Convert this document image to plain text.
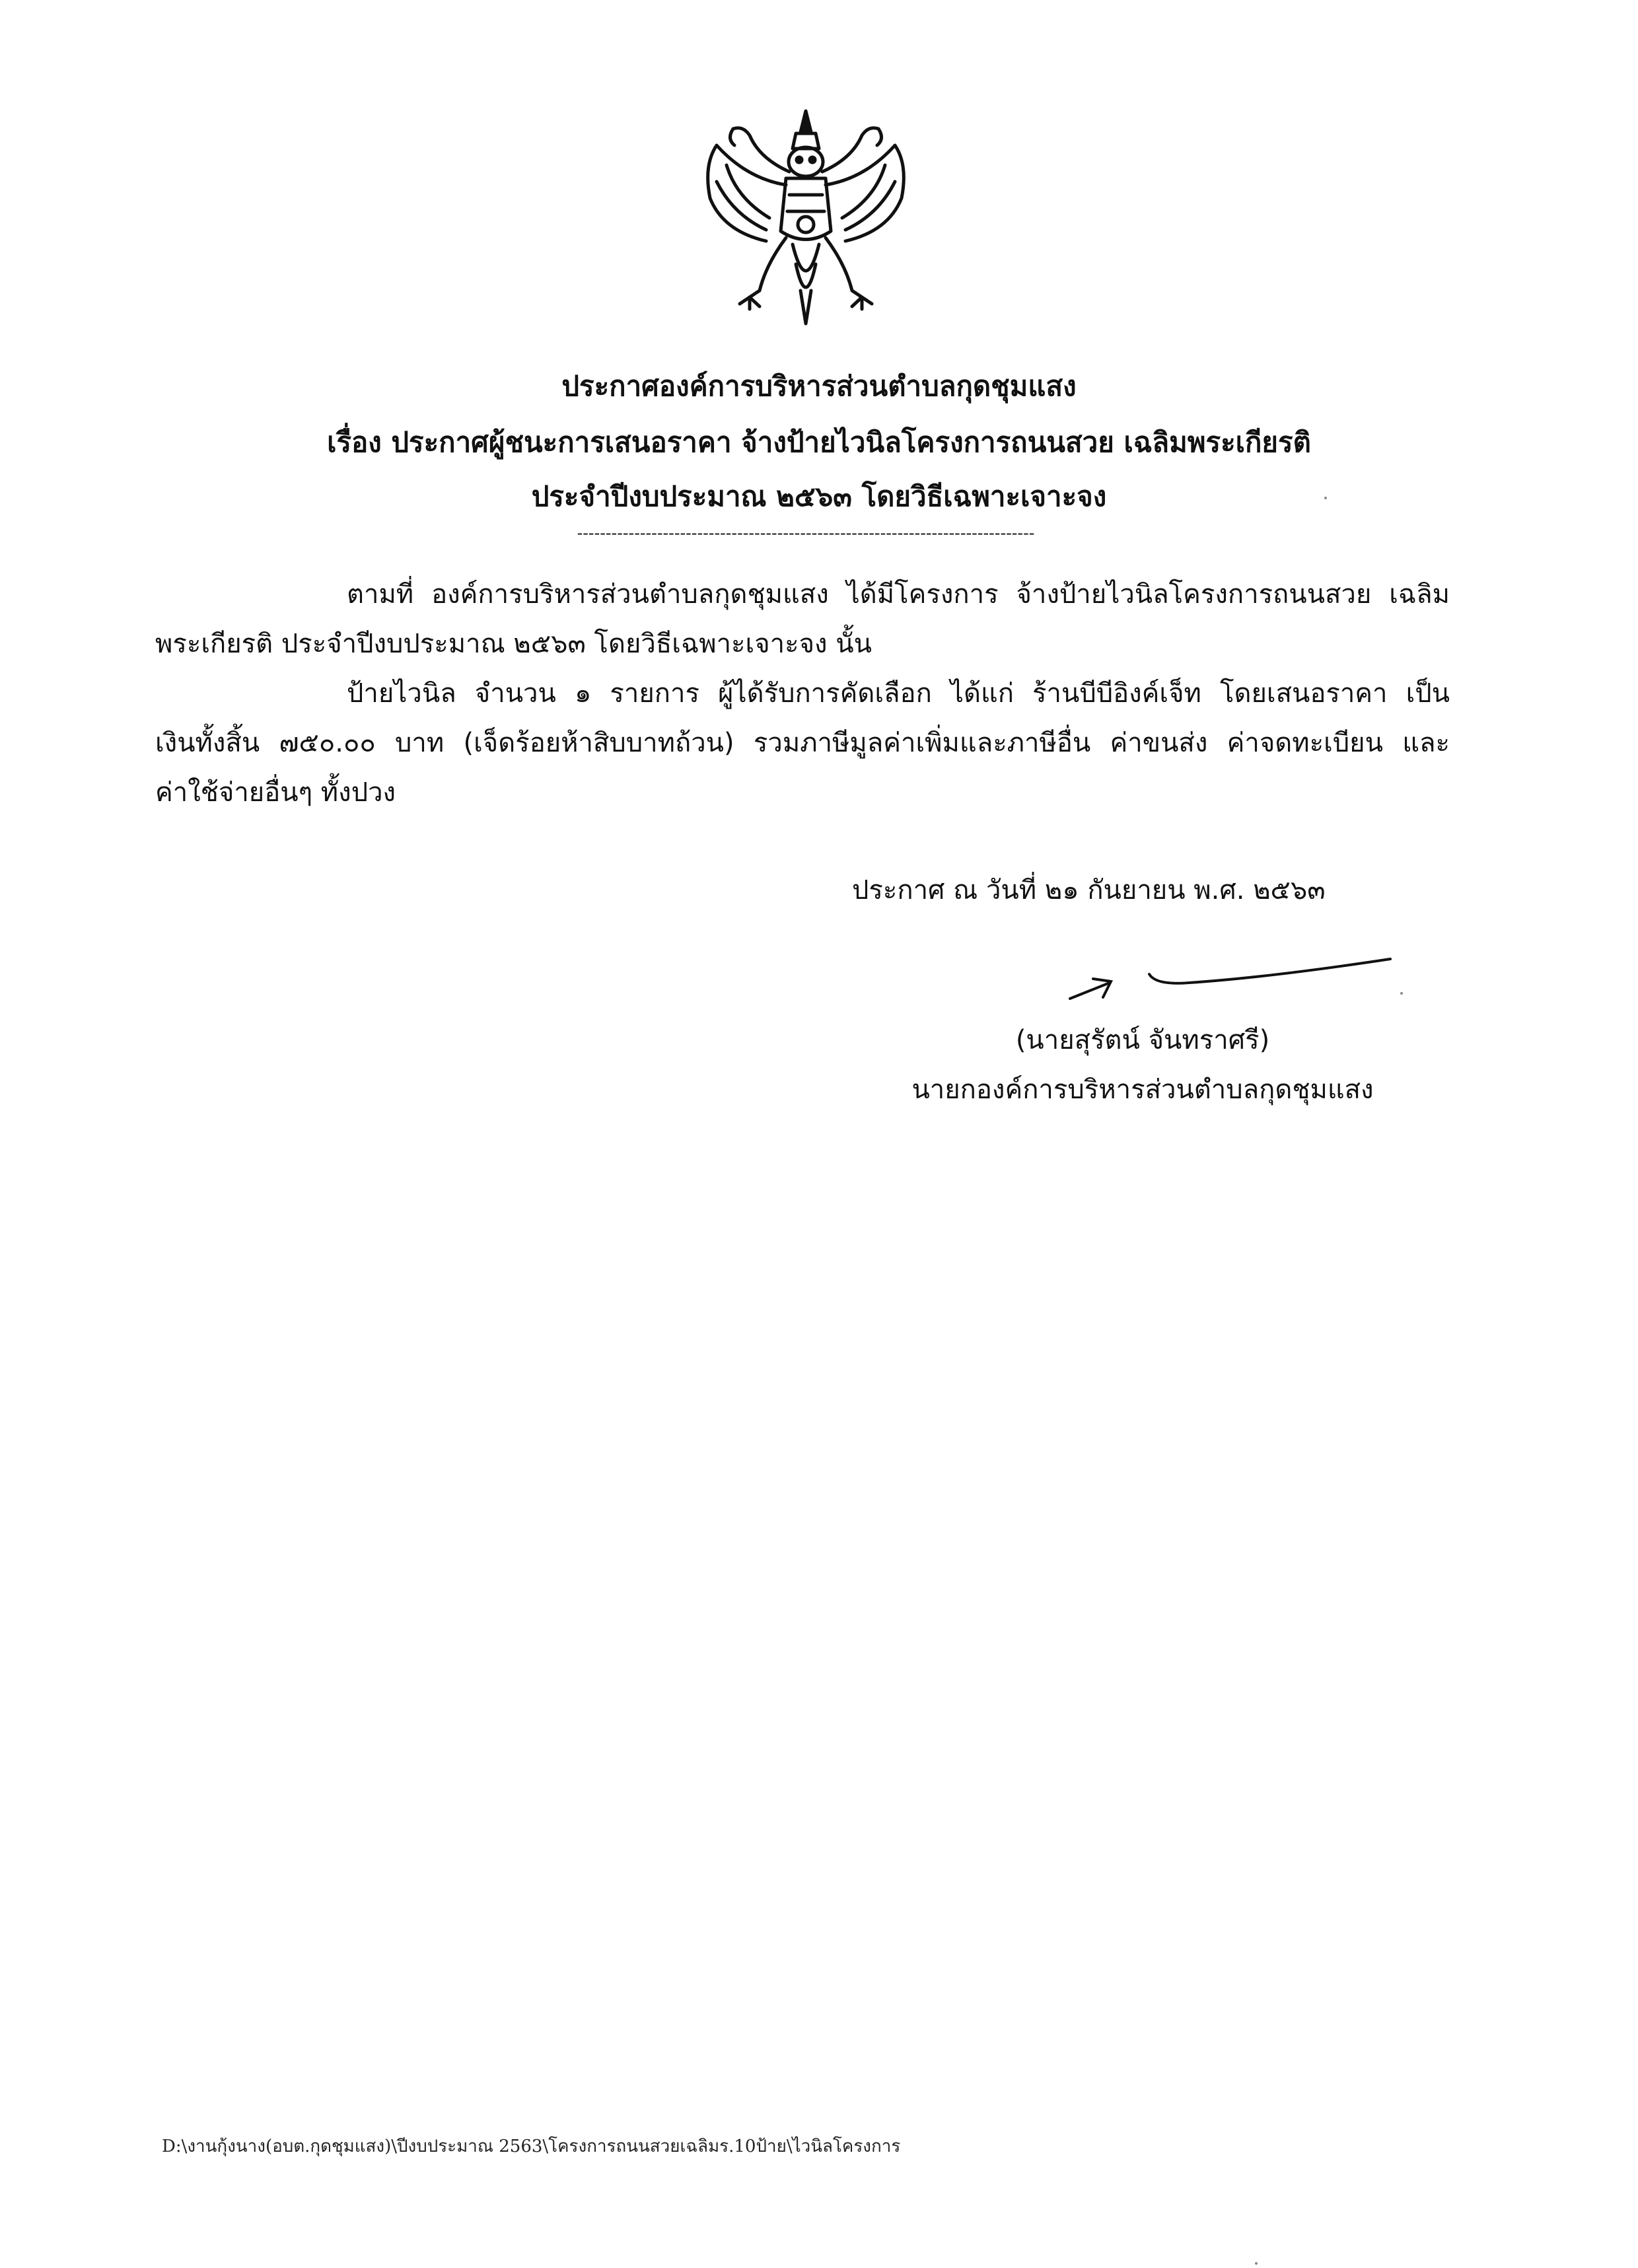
ประกาศองค์การบริหารส่วนตำบลกุดชุมแสง
เรื่อง ประกาศผู้ชนะการเสนอราคา จ้างป้ายไวนิลโครงการถนนสวย เฉลิมพระเกียรติ
ประจำปีงบประมาณ ๒๕๖๓ โดยวิธีเฉพาะเจาะจง
--------------------------------------------------------------------------------
ตามที่ องค์การบริหารส่วนตำบลกุดชุมแสง ได้มีโครงการ จ้างป้ายไวนิลโครงการถนนสวย เฉลิม
พระเกียรติ ประจำปีงบประมาณ ๒๕๖๓ โดยวิธีเฉพาะเจาะจง นั้น
ป้ายไวนิล จำนวน ๑ รายการ ผู้ได้รับการคัดเลือก ได้แก่ ร้านบีบีอิงค์เจ็ท โดยเสนอราคา เป็น
เงินทั้งสิ้น ๗๕๐.๐๐ บาท (เจ็ดร้อยห้าสิบบาทถ้วน) รวมภาษีมูลค่าเพิ่มและภาษีอื่น ค่าขนส่ง ค่าจดทะเบียน และ
ค่าใช้จ่ายอื่นๆ ทั้งปวง
ประกาศ ณ วันที่ ๒๑ กันยายน พ.ศ. ๒๕๖๓
(นายสุรัตน์ จันทราศรี)
นายกองค์การบริหารส่วนตำบลกุดชุมแสง
D:\งานกุ้งนาง(อบต.กุดชุมแสง)\ปีงบประมาณ 2563\โครงการถนนสวยเฉลิมร.10ป้าย\ไวนิลโครงการ
